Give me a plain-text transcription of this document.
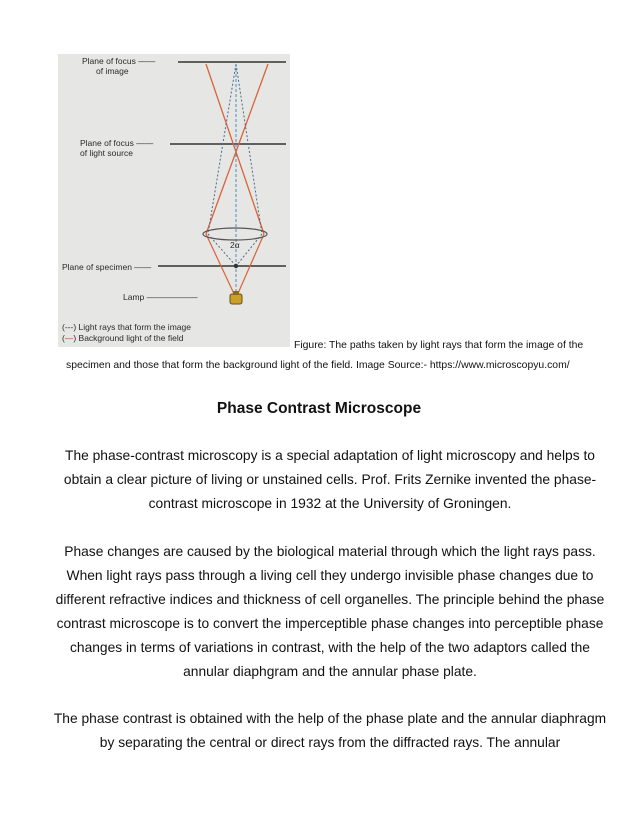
Plane of focus ——
of image
Plane of focus ——
of light source
2α
Plane of specimen ——
Lamp ——————
(---) Light rays that form the image
(—) Background light of the field
Figure: The paths taken by light rays that form the image of the
specimen and those that form the background light of the field. Image Source:- https://www.microscopyu.com/
Phase Contrast Microscope
The phase-contrast microscopy is a special adaptation of light microscopy and helps to obtain a clear picture of living or unstained cells. Prof. Frits Zernike invented the phase-contrast microscope in 1932 at the University of Groningen.
Phase changes are caused by the biological material through which the light rays pass. When light rays pass through a living cell they undergo invisible phase changes due to different refractive indices and thickness of cell organelles. The principle behind the phase contrast microscope is to convert the imperceptible phase changes into perceptible phase changes in terms of variations in contrast, with the help of the two adaptors called the annular diaphgram and the annular phase plate.
The phase contrast is obtained with the help of the phase plate and the annular diaphragm by separating the central or direct rays from the diffracted rays. The annular
